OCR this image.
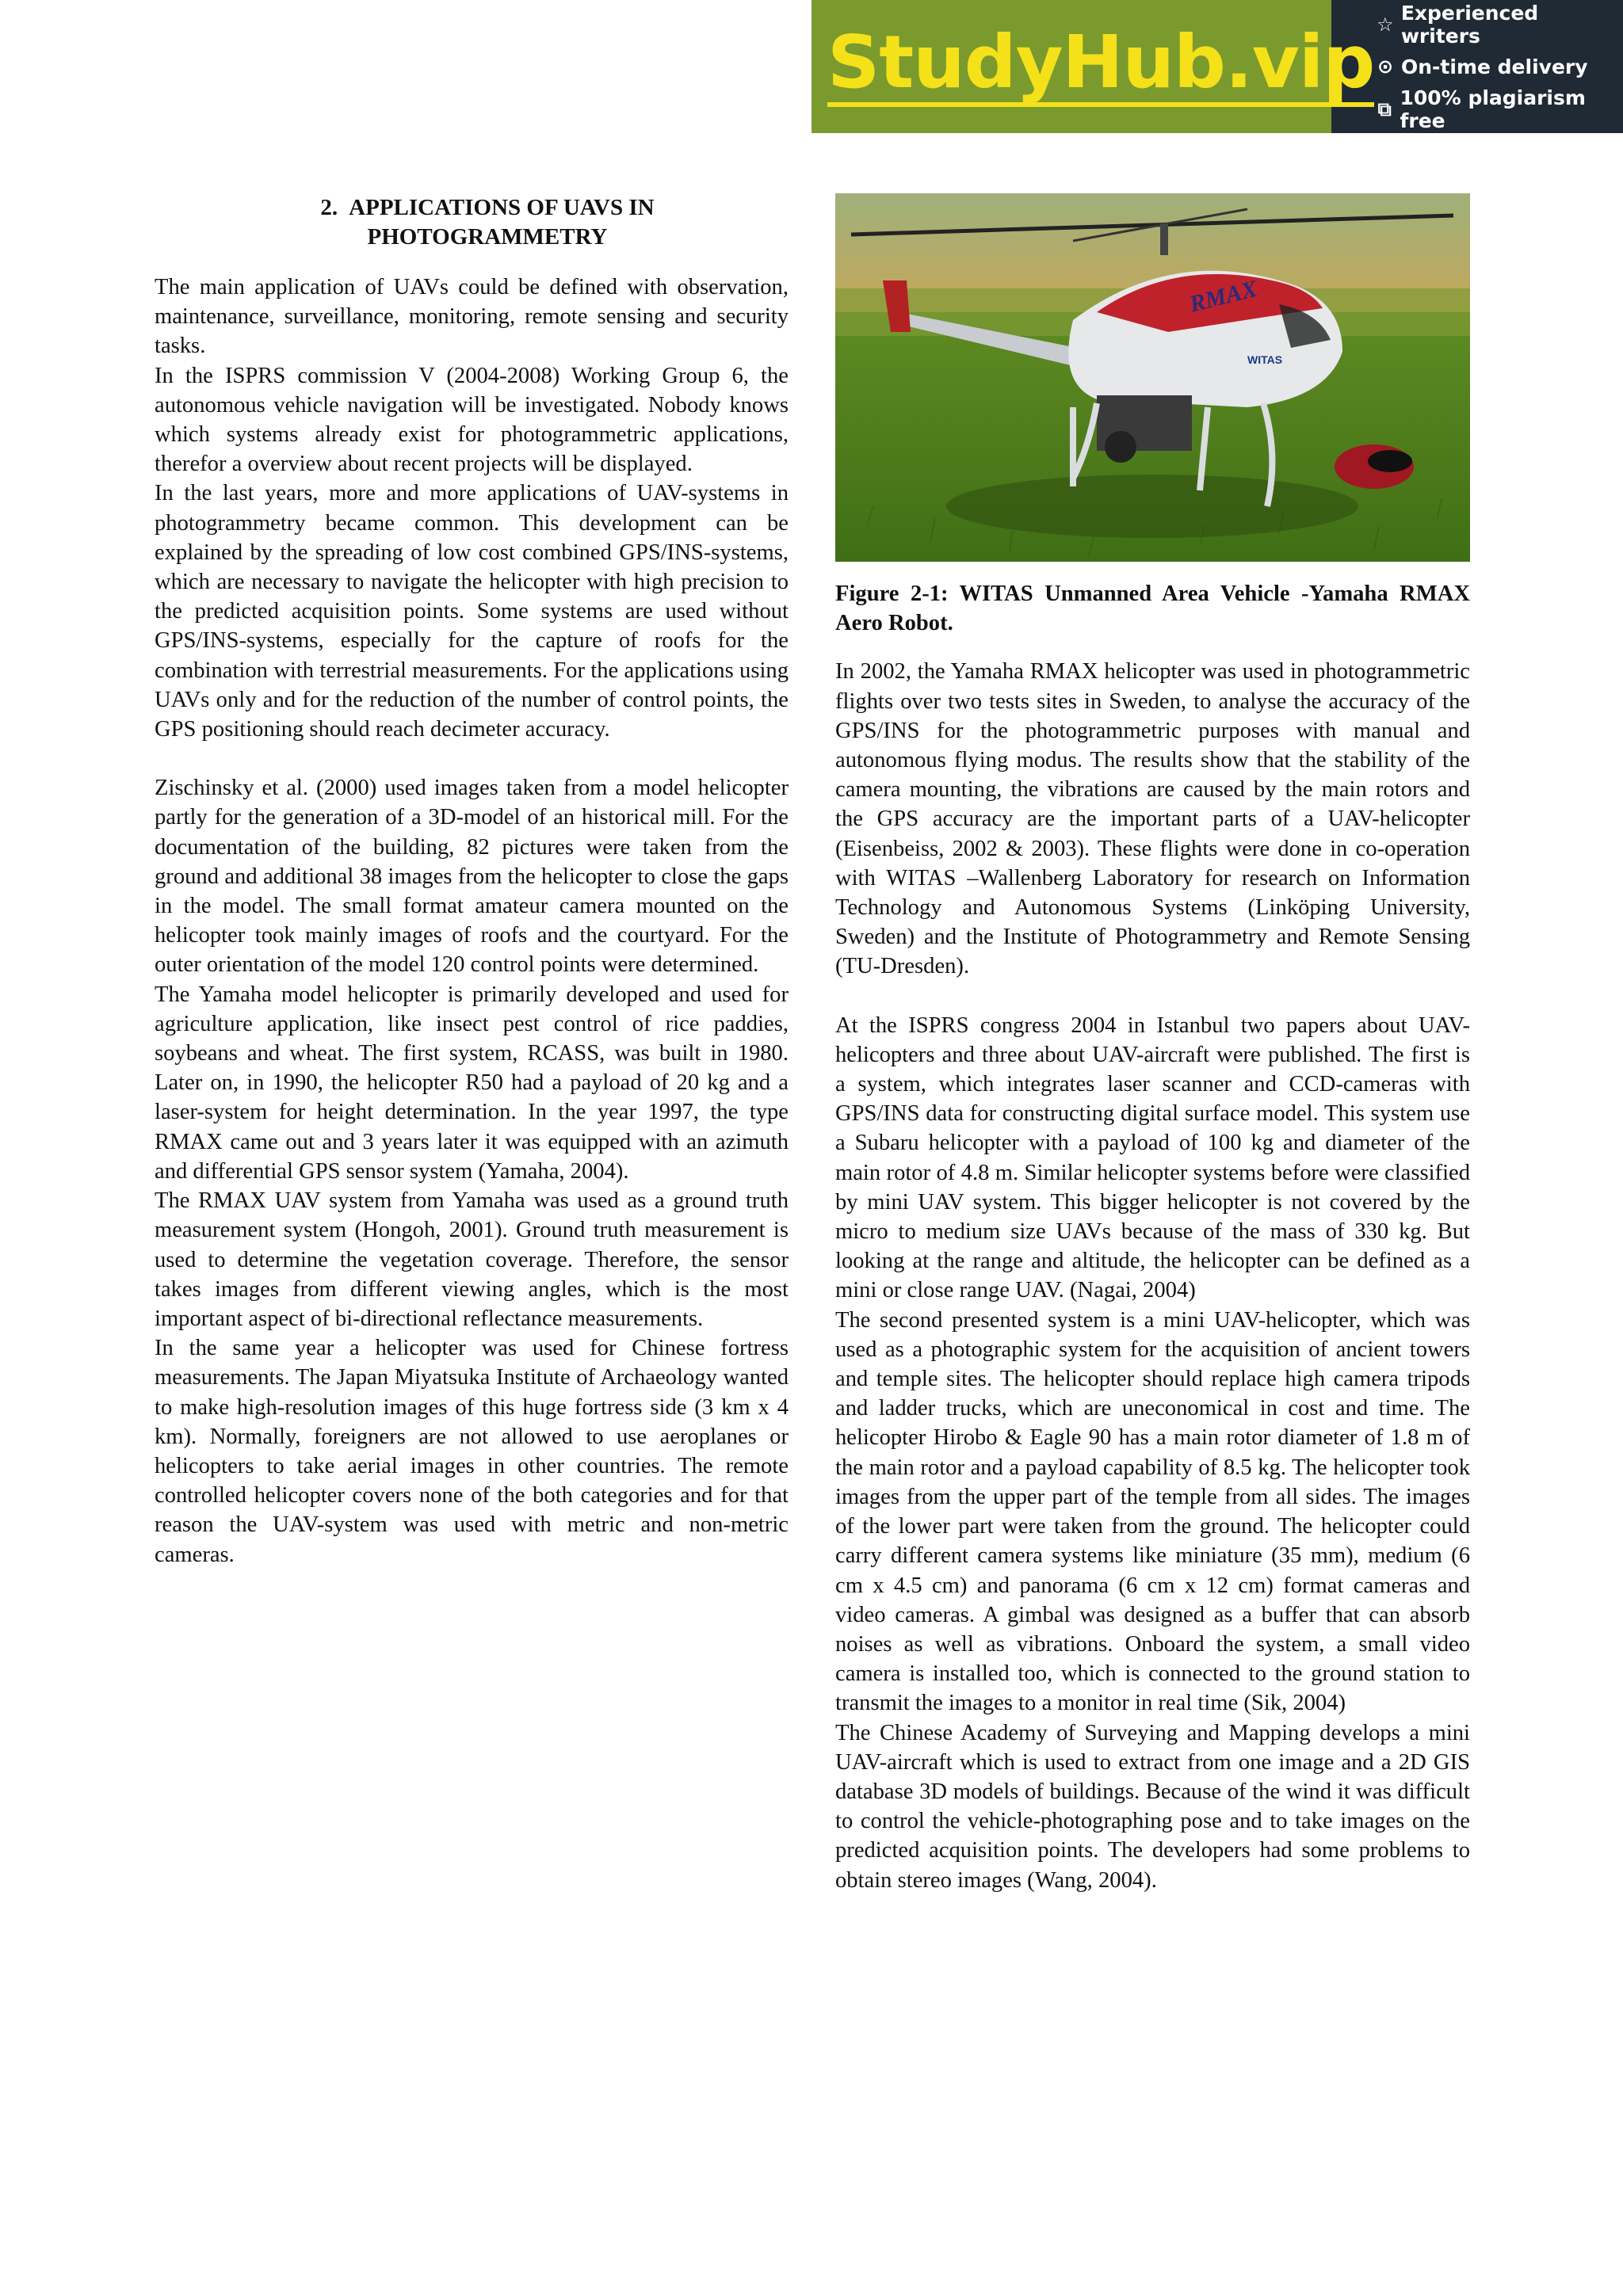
StudyHub.vip ☆ Experienced writers
⊙ On-time delivery
⧉ 100% plagiarism free
2. APPLICATIONS OF UAVS IN
PHOTOGRAMMETRY

The main application of UAVs could be defined with observation, maintenance, surveillance, monitoring, remote sensing and security tasks.

In the ISPRS commission V (2004-2008) Working Group 6, the autonomous vehicle navigation will be investigated. Nobody knows which systems already exist for photogrammetric applications, therefor a overview about recent projects will be displayed.

In the last years, more and more applications of UAV-systems in photogrammetry became common. This development can be explained by the spreading of low cost combined GPS/INS-systems, which are necessary to navigate the helicopter with high precision to the predicted acquisition points. Some systems are used without GPS/INS-systems, especially for the capture of roofs for the combination with terrestrial measurements. For the applications using UAVs only and for the reduction of the number of control points, the GPS positioning should reach decimeter accuracy.

Zischinsky et al. (2000) used images taken from a model helicopter partly for the generation of a 3D-model of an historical mill. For the documentation of the building, 82 pictures were taken from the ground and additional 38 images from the helicopter to close the gaps in the model. The small format amateur camera mounted on the helicopter took mainly images of roofs and the courtyard. For the outer orientation of the model 120 control points were determined.

The Yamaha model helicopter is primarily developed and used for agriculture application, like insect pest control of rice paddies, soybeans and wheat. The first system, RCASS, was built in 1980. Later on, in 1990, the helicopter R50 had a payload of 20 kg and a laser-system for height determination. In the year 1997, the type RMAX came out and 3 years later it was equipped with an azimuth and differential GPS sensor system (Yamaha, 2004).

The RMAX UAV system from Yamaha was used as a ground truth measurement system (Hongoh, 2001). Ground truth measurement is used to determine the vegetation coverage. Therefore, the sensor takes images from different viewing angles, which is the most important aspect of bi-directional reflectance measurements.

In the same year a helicopter was used for Chinese fortress measurements. The Japan Miyatsuka Institute of Archaeology wanted to make high-resolution images of this huge fortress side (3 km x 4 km). Normally, foreigners are not allowed to use aeroplanes or helicopters to take aerial images in other countries. The remote controlled helicopter covers none of the both categories and for that reason the UAV-system was used with metric and non-metric cameras.

RMAX
WITAS

Figure 2-1: WITAS Unmanned Area Vehicle -Yamaha RMAX Aero Robot.

In 2002, the Yamaha RMAX helicopter was used in photogrammetric flights over two tests sites in Sweden, to analyse the accuracy of the GPS/INS for the photogrammetric purposes with manual and autonomous flying modus. The results show that the stability of the camera mounting, the vibrations are caused by the main rotors and the GPS accuracy are the important parts of a UAV-helicopter (Eisenbeiss, 2002 & 2003). These flights were done in co-operation with WITAS –Wallenberg Laboratory for research on Information Technology and Autonomous Systems (Linköping University, Sweden) and the Institute of Photogrammetry and Remote Sensing (TU-Dresden).

At the ISPRS congress 2004 in Istanbul two papers about UAV-helicopters and three about UAV-aircraft were published. The first is a system, which integrates laser scanner and CCD-cameras with GPS/INS data for constructing digital surface model. This system use a Subaru helicopter with a payload of 100 kg and diameter of the main rotor of 4.8 m. Similar helicopter systems before were classified by mini UAV system. This bigger helicopter is not covered by the micro to medium size UAVs because of the mass of 330 kg. But looking at the range and altitude, the helicopter can be defined as a mini or close range UAV. (Nagai, 2004)

The second presented system is a mini UAV-helicopter, which was used as a photographic system for the acquisition of ancient towers and temple sites. The helicopter should replace high camera tripods and ladder trucks, which are uneconomical in cost and time. The helicopter Hirobo & Eagle 90 has a main rotor diameter of 1.8 m of the main rotor and a payload capability of 8.5 kg. The helicopter took images from the upper part of the temple from all sides. The images of the lower part were taken from the ground. The helicopter could carry different camera systems like miniature (35 mm), medium (6 cm x 4.5 cm) and panorama (6 cm x 12 cm) format cameras and video cameras. A gimbal was designed as a buffer that can absorb noises as well as vibrations. Onboard the system, a small video camera is installed too, which is connected to the ground station to transmit the images to a monitor in real time (Sik, 2004)

The Chinese Academy of Surveying and Mapping develops a mini UAV-aircraft which is used to extract from one image and a 2D GIS database 3D models of buildings. Because of the wind it was difficult to control the vehicle-photographing pose and to take images on the predicted acquisition points. The developers had some problems to obtain stereo images (Wang, 2004).
